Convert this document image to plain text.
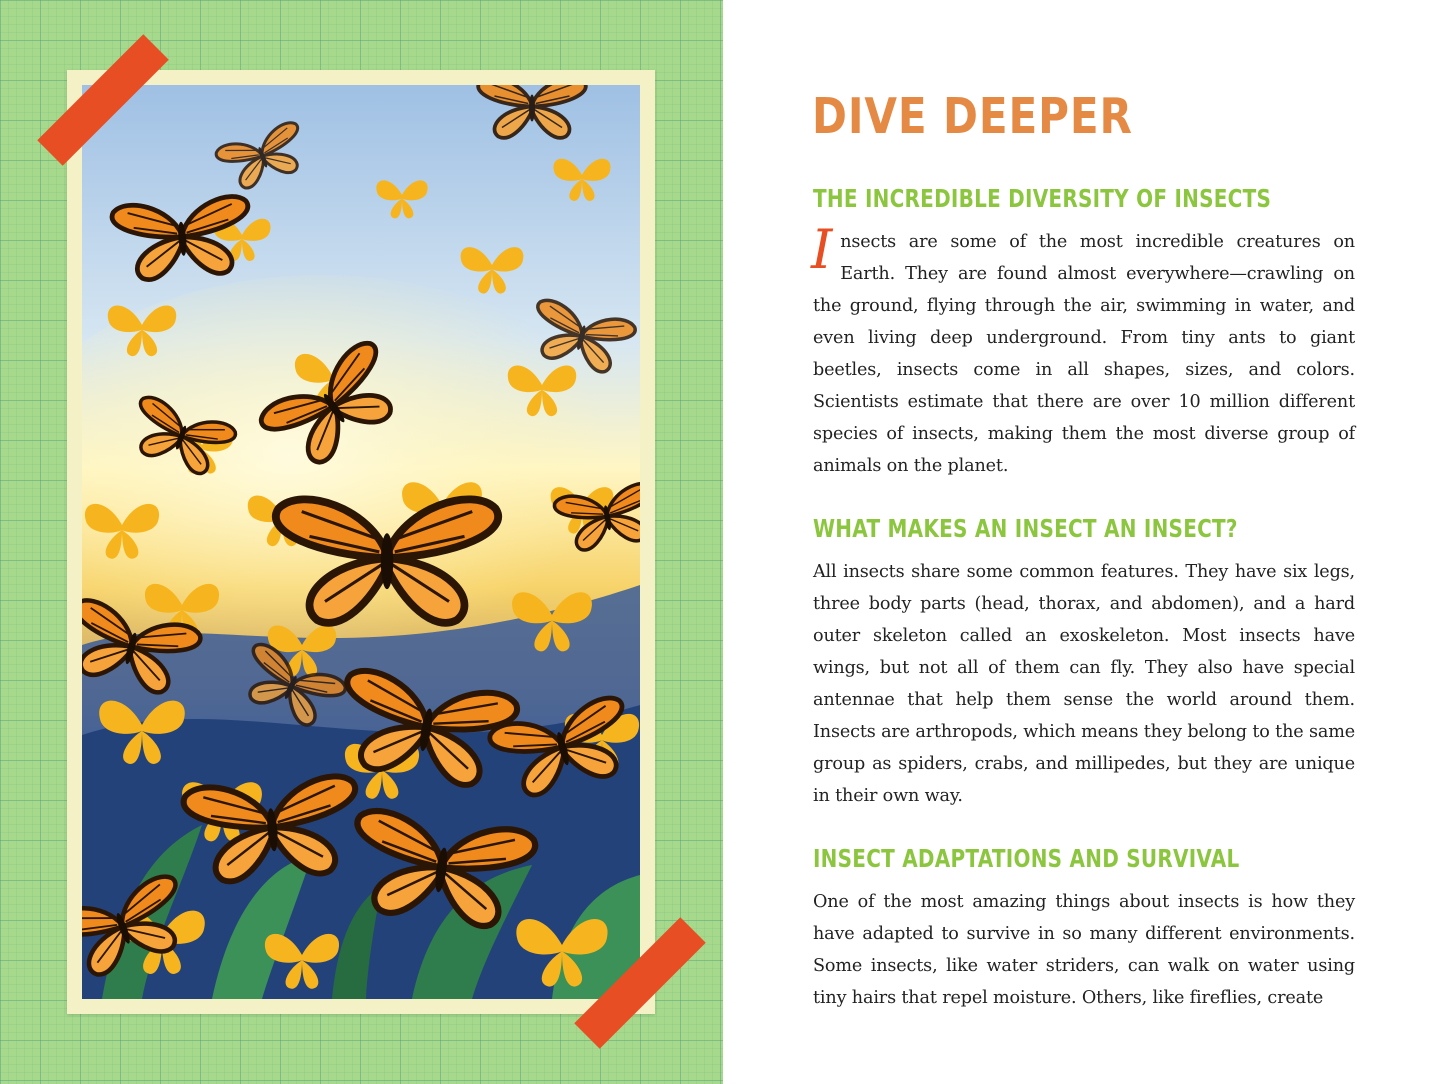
DIVE DEEPER
THE INCREDIBLE DIVERSITY OF INSECTS

Insects are some of the most incredible creatures on Earth. They are found almost everywhere—crawling on the ground, flying through the air, swimming in water, and even living deep underground. From tiny ants to giant beetles, insects come in all shapes, sizes, and colors. Scientists estimate that there are over 10 million different species of insects, making them the most diverse group of animals on the planet.

WHAT MAKES AN INSECT AN INSECT?

All insects share some common features. They have six legs, three body parts (head, thorax, and abdomen), and a hard outer skeleton called an exoskeleton. Most insects have wings, but not all of them can fly. They also have special antennae that help them sense the world around them. Insects are arthropods, which means they belong to the same group as spiders, crabs, and millipedes, but they are unique in their own way.

INSECT ADAPTATIONS AND SURVIVAL

One of the most amazing things about insects is how they have adapted to survive in so many different environments. Some insects, like water striders, can walk on water using tiny hairs that repel moisture. Others, like fireflies, create
